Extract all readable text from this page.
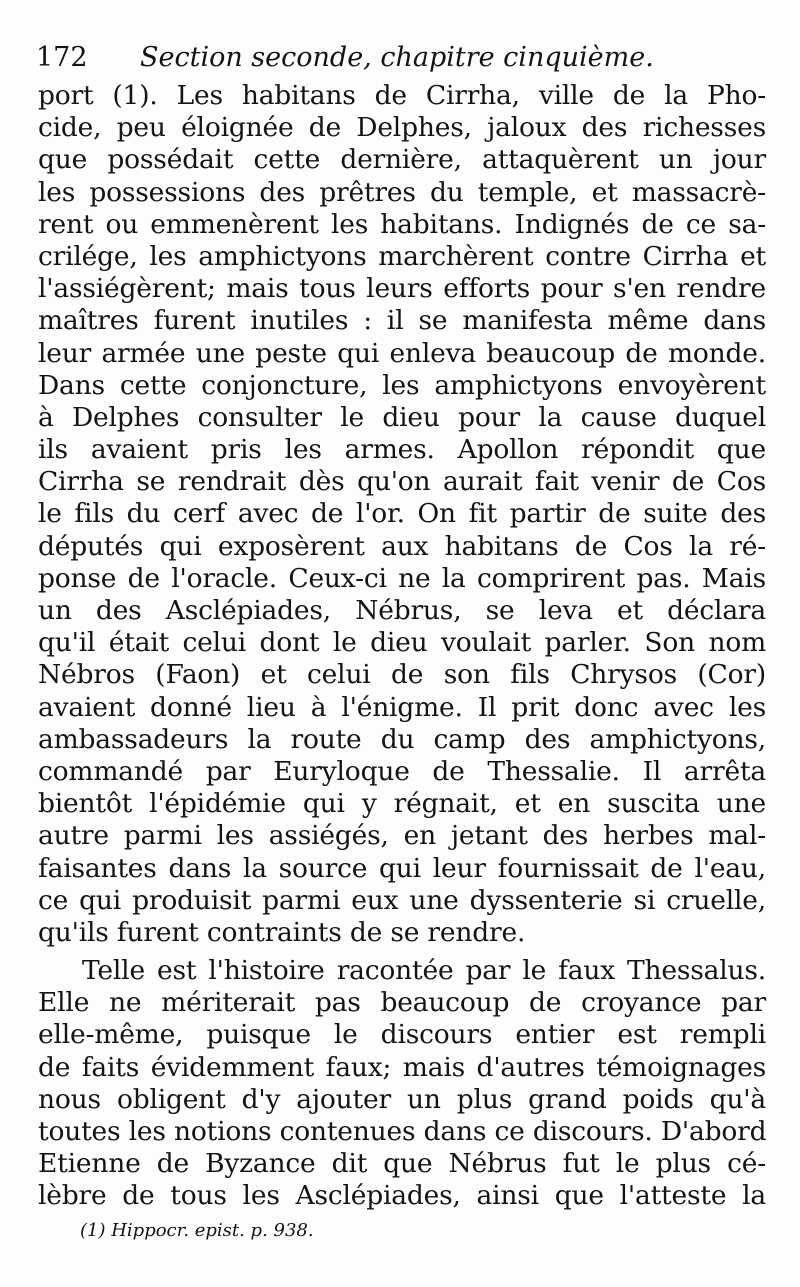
172 Section seconde, chapitre cinquième.
port (1). Les habitans de Cirrha, ville de la Pho-
cide, peu éloignée de Delphes, jaloux des richesses
que possédait cette dernière, attaquèrent un jour
les possessions des prêtres du temple, et massacrè-
rent ou emmenèrent les habitans. Indignés de ce sa-
crilége, les amphictyons marchèrent contre Cirrha et
l'assiégèrent; mais tous leurs efforts pour s'en rendre
maîtres furent inutiles : il se manifesta même dans
leur armée une peste qui enleva beaucoup de monde.
Dans cette conjoncture, les amphictyons envoyèrent
à Delphes consulter le dieu pour la cause duquel
ils avaient pris les armes. Apollon répondit que
Cirrha se rendrait dès qu'on aurait fait venir de Cos
le fils du cerf avec de l'or. On fit partir de suite des
députés qui exposèrent aux habitans de Cos la ré-
ponse de l'oracle. Ceux-ci ne la comprirent pas. Mais
un des Asclépiades, Nébrus, se leva et déclara
qu'il était celui dont le dieu voulait parler. Son nom
Nébros (Faon) et celui de son fils Chrysos (Cor)
avaient donné lieu à l'énigme. Il prit donc avec les
ambassadeurs la route du camp des amphictyons,
commandé par Euryloque de Thessalie. Il arrêta
bientôt l'épidémie qui y régnait, et en suscita une
autre parmi les assiégés, en jetant des herbes mal-
faisantes dans la source qui leur fournissait de l'eau,
ce qui produisit parmi eux une dyssenterie si cruelle,
qu'ils furent contraints de se rendre.
Telle est l'histoire racontée par le faux Thessalus.
Elle ne mériterait pas beaucoup de croyance par
elle-même, puisque le discours entier est rempli
de faits évidemment faux; mais d'autres témoignages
nous obligent d'y ajouter un plus grand poids qu'à
toutes les notions contenues dans ce discours. D'abord
Etienne de Byzance dit que Nébrus fut le plus cé-
lèbre de tous les Asclépiades, ainsi que l'atteste la
(1) Hippocr. epist. p. 938.
